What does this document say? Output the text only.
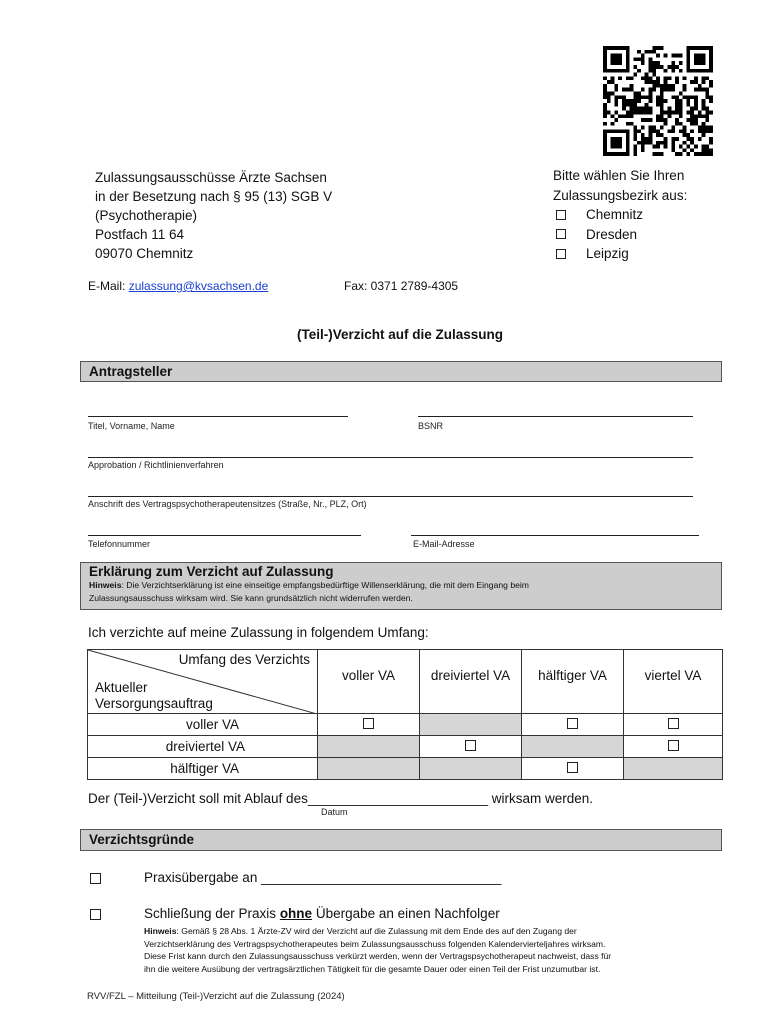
Zulassungsausschüsse Ärzte Sachsen
in der Besetzung nach § 95 (13) SGB V
(Psychotherapie)
Postfach 11 64
09070 Chemnitz
Bitte wählen Sie Ihren
Zulassungsbezirk aus:
Chemnitz
Dresden
Leipzig
E-Mail: zulassung@kvsachsen.de	Fax: 0371 2789-4305
(Teil-)Verzicht auf die Zulassung
Antragsteller
Titel, Vorname, Name	BSNR
Approbation / Richtlinienverfahren
Anschrift des Vertragspsychotherapeutensitzes (Straße, Nr., PLZ, Ort)
Telefonnummer	E-Mail-Adresse
Erklärung zum Verzicht auf Zulassung
Hinweis: Die Verzichtserklärung ist eine einseitige empfangsbedürftige Willenserklärung, die mit dem Eingang beim
Zulassungsausschuss wirksam wird. Sie kann grundsätzlich nicht widerrufen werden.
Ich verzichte auf meine Zulassung in folgendem Umfang:
Umfang des Verzichts
Aktueller
Versorgungsauftrag	voller VA	dreiviertel VA	hälftiger VA	viertel VA
voller VA				
dreiviertel VA				
hälftiger VA				
Der (Teil-)Verzicht soll mit Ablauf des________________________ wirksam werden.
Datum
Verzichtsgründe
Praxisübergabe an ________________________________
Schließung der Praxis ohne Übergabe an einen Nachfolger
Hinweis: Gemäß § 28 Abs. 1 Ärzte-ZV wird der Verzicht auf die Zulassung mit dem Ende des auf den Zugang der
Verzichtserklärung des Vertragspsychotherapeutes beim Zulassungsausschuss folgenden Kalendervierteljahres wirksam.
Diese Frist kann durch den Zulassungsausschuss verkürzt werden, wenn der Vertragspsychotherapeut nachweist, dass für
ihn die weitere Ausübung der vertragsärztlichen Tätigkeit für die gesamte Dauer oder einen Teil der Frist unzumutbar ist.
RVV/FZL – Mitteilung (Teil-)Verzicht auf die Zulassung (2024)
